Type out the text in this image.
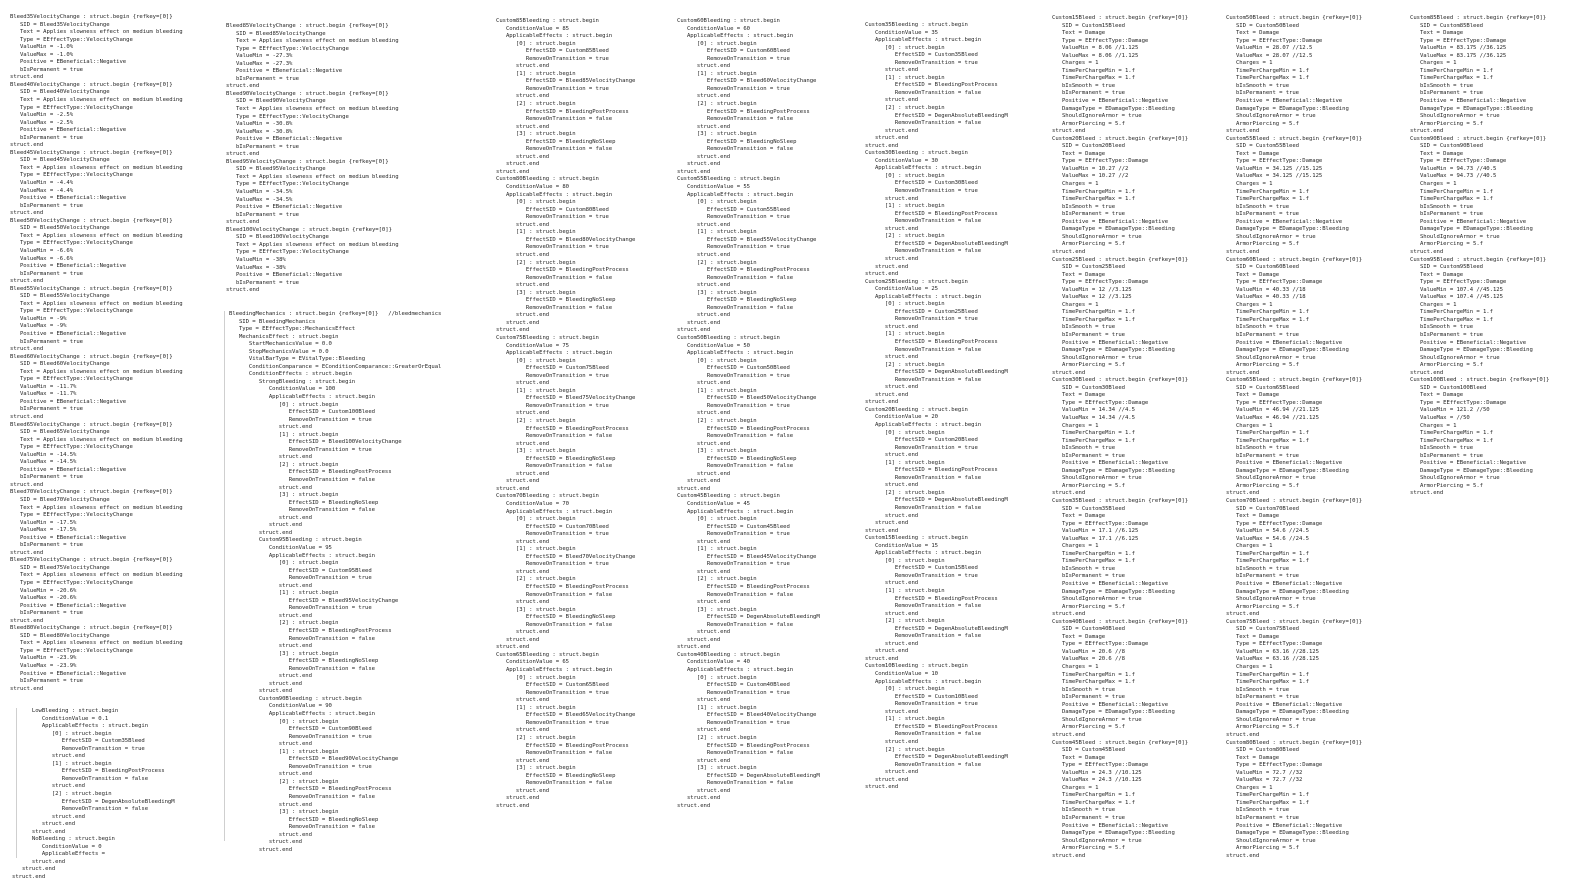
Bleed35VelocityChange : struct.begin {refkey=[0]}
SID = Bleed35VelocityChange
Text = Applies slowness effect on medium bleeding
Type = EEffectType::VelocityChange
ValueMin = -1.0%
ValueMax = -1.0%
Positive = EBeneficial::Negative
bIsPermanent = true
struct.end
Bleed40VelocityChange : struct.begin {refkey=[0]}
SID = Bleed40VelocityChange
Text = Applies slowness effect on medium bleeding
Type = EEffectType::VelocityChange
ValueMin = -2.5%
ValueMax = -2.5%
Positive = EBeneficial::Negative
bIsPermanent = true
struct.end
Bleed45VelocityChange : struct.begin {refkey=[0]}
SID = Bleed45VelocityChange
Text = Applies slowness effect on medium bleeding
Type = EEffectType::VelocityChange
ValueMin = -4.4%
ValueMax = -4.4%
Positive = EBeneficial::Negative
bIsPermanent = true
struct.end
Bleed50VelocityChange : struct.begin {refkey=[0]}
SID = Bleed50VelocityChange
Text = Applies slowness effect on medium bleeding
Type = EEffectType::VelocityChange
ValueMin = -6.6%
ValueMax = -6.6%
Positive = EBeneficial::Negative
bIsPermanent = true
struct.end
Bleed55VelocityChange : struct.begin {refkey=[0]}
SID = Bleed55VelocityChange
Text = Applies slowness effect on medium bleeding
Type = EEffectType::VelocityChange
ValueMin = -9%
ValueMax = -9%
Positive = EBeneficial::Negative
bIsPermanent = true
struct.end
Bleed60VelocityChange : struct.begin {refkey=[0]}
SID = Bleed60VelocityChange
Text = Applies slowness effect on medium bleeding
Type = EEffectType::VelocityChange
ValueMin = -11.7%
ValueMax = -11.7%
Positive = EBeneficial::Negative
bIsPermanent = true
struct.end
Bleed65VelocityChange : struct.begin {refkey=[0]}
SID = Bleed65VelocityChange
Text = Applies slowness effect on medium bleeding
Type = EEffectType::VelocityChange
ValueMin = -14.5%
ValueMax = -14.5%
Positive = EBeneficial::Negative
bIsPermanent = true
struct.end
Bleed70VelocityChange : struct.begin {refkey=[0]}
SID = Bleed70VelocityChange
Text = Applies slowness effect on medium bleeding
Type = EEffectType::VelocityChange
ValueMin = -17.5%
ValueMax = -17.5%
Positive = EBeneficial::Negative
bIsPermanent = true
struct.end
Bleed75VelocityChange : struct.begin {refkey=[0]}
SID = Bleed75VelocityChange
Text = Applies slowness effect on medium bleeding
Type = EEffectType::VelocityChange
ValueMin = -20.6%
ValueMax = -20.6%
Positive = EBeneficial::Negative
bIsPermanent = true
struct.end
Bleed80VelocityChange : struct.begin {refkey=[0]}
SID = Bleed80VelocityChange
Text = Applies slowness effect on medium bleeding
Type = EEffectType::VelocityChange
ValueMin = -23.9%
ValueMax = -23.9%
Positive = EBeneficial::Negative
bIsPermanent = true
struct.end
LowBleeding : struct.begin
ConditionValue = 0.1
ApplicableEffects : struct.begin
[0] : struct.begin
EffectSID = Custom35Bleed
RemoveOnTransition = true
struct.end
[1] : struct.begin
EffectSID = BleedingPostProcess
RemoveOnTransition = false
struct.end
[2] : struct.begin
EffectSID = DegenAbsoluteBleedingM
RemoveOnTransition = false
struct.end
struct.end
struct.end
NoBleeding : struct.begin
ConditionValue = 0
ApplicableEffects =
struct.end
struct.end
struct.end
Bleed85VelocityChange : struct.begin {refkey=[0]}
SID = Bleed85VelocityChange
Text = Applies slowness effect on medium bleeding
Type = EEffectType::VelocityChange
ValueMin = -27.3%
ValueMax = -27.3%
Positive = EBeneficial::Negative
bIsPermanent = true
struct.end
Bleed90VelocityChange : struct.begin {refkey=[0]}
SID = Bleed90VelocityChange
Text = Applies slowness effect on medium bleeding
Type = EEffectType::VelocityChange
ValueMin = -30.8%
ValueMax = -30.8%
Positive = EBeneficial::Negative
bIsPermanent = true
struct.end
Bleed95VelocityChange : struct.begin {refkey=[0]}
SID = Bleed95VelocityChange
Text = Applies slowness effect on medium bleeding
Type = EEffectType::VelocityChange
ValueMin = -34.5%
ValueMax = -34.5%
Positive = EBeneficial::Negative
bIsPermanent = true
struct.end
Bleed100VelocityChange : struct.begin {refkey=[0]}
SID = Bleed100VelocityChange
Text = Applies slowness effect on medium bleeding
Type = EEffectType::VelocityChange
ValueMin = -38%
ValueMax = -38%
Positive = EBeneficial::Negative
bIsPermanent = true
struct.end
BleedingMechanics : struct.begin {refkey=[0]}   //bleedmechanics
SID = BleedingMechanics
Type = EEffectType::MechanicsEffect
MechanicsEffect : struct.begin
StartMechanicsValue = 0.0
StopMechanicsValue = 0.0
VitalBarType = EVitalType::Bleeding
ConditionComparance = EConditionComparance::GreaterOrEqual
ConditionEffects : struct.begin
StrongBleeding : struct.begin
ConditionValue = 100
ApplicableEffects : struct.begin
[0] : struct.begin
EffectSID = Custom100Bleed
RemoveOnTransition = true
struct.end
[1] : struct.begin
EffectSID = Bleed100VelocityChange
RemoveOnTransition = true
struct.end
[2] : struct.begin
EffectSID = BleedingPostProcess
RemoveOnTransition = false
struct.end
[3] : struct.begin
EffectSID = BleedingNoSleep
RemoveOnTransition = false
struct.end
struct.end
struct.end
Custom95Bleeding : struct.begin
ConditionValue = 95
ApplicableEffects : struct.begin
[0] : struct.begin
EffectSID = Custom95Bleed
RemoveOnTransition = true
struct.end
[1] : struct.begin
EffectSID = Bleed95VelocityChange
RemoveOnTransition = true
struct.end
[2] : struct.begin
EffectSID = BleedingPostProcess
RemoveOnTransition = false
struct.end
[3] : struct.begin
EffectSID = BleedingNoSleep
RemoveOnTransition = false
struct.end
struct.end
struct.end
Custom90Bleeding : struct.begin
ConditionValue = 90
ApplicableEffects : struct.begin
[0] : struct.begin
EffectSID = Custom90Bleed
RemoveOnTransition = true
struct.end
[1] : struct.begin
EffectSID = Bleed90VelocityChange
RemoveOnTransition = true
struct.end
[2] : struct.begin
EffectSID = BleedingPostProcess
RemoveOnTransition = false
struct.end
[3] : struct.begin
EffectSID = BleedingNoSleep
RemoveOnTransition = false
struct.end
struct.end
struct.end
Custom85Bleeding : struct.begin
ConditionValue = 85
ApplicableEffects : struct.begin
[0] : struct.begin
EffectSID = Custom85Bleed
RemoveOnTransition = true
struct.end
[1] : struct.begin
EffectSID = Bleed85VelocityChange
RemoveOnTransition = true
struct.end
[2] : struct.begin
EffectSID = BleedingPostProcess
RemoveOnTransition = false
struct.end
[3] : struct.begin
EffectSID = BleedingNoSleep
RemoveOnTransition = false
struct.end
struct.end
struct.end
Custom80Bleeding : struct.begin
ConditionValue = 80
ApplicableEffects : struct.begin
[0] : struct.begin
EffectSID = Custom80Bleed
RemoveOnTransition = true
struct.end
[1] : struct.begin
EffectSID = Bleed80VelocityChange
RemoveOnTransition = true
struct.end
[2] : struct.begin
EffectSID = BleedingPostProcess
RemoveOnTransition = false
struct.end
[3] : struct.begin
EffectSID = BleedingNoSleep
RemoveOnTransition = false
struct.end
struct.end
struct.end
Custom75Bleeding : struct.begin
ConditionValue = 75
ApplicableEffects : struct.begin
[0] : struct.begin
EffectSID = Custom75Bleed
RemoveOnTransition = true
struct.end
[1] : struct.begin
EffectSID = Bleed75VelocityChange
RemoveOnTransition = true
struct.end
[2] : struct.begin
EffectSID = BleedingPostProcess
RemoveOnTransition = false
struct.end
[3] : struct.begin
EffectSID = BleedingNoSleep
RemoveOnTransition = false
struct.end
struct.end
struct.end
Custom70Bleeding : struct.begin
ConditionValue = 70
ApplicableEffects : struct.begin
[0] : struct.begin
EffectSID = Custom70Bleed
RemoveOnTransition = true
struct.end
[1] : struct.begin
EffectSID = Bleed70VelocityChange
RemoveOnTransition = true
struct.end
[2] : struct.begin
EffectSID = BleedingPostProcess
RemoveOnTransition = false
struct.end
[3] : struct.begin
EffectSID = BleedingNoSleep
RemoveOnTransition = false
struct.end
struct.end
struct.end
Custom65Bleeding : struct.begin
ConditionValue = 65
ApplicableEffects : struct.begin
[0] : struct.begin
EffectSID = Custom65Bleed
RemoveOnTransition = true
struct.end
[1] : struct.begin
EffectSID = Bleed65VelocityChange
RemoveOnTransition = true
struct.end
[2] : struct.begin
EffectSID = BleedingPostProcess
RemoveOnTransition = false
struct.end
[3] : struct.begin
EffectSID = BleedingNoSleep
RemoveOnTransition = false
struct.end
struct.end
struct.end
Custom60Bleeding : struct.begin
ConditionValue = 60
ApplicableEffects : struct.begin
[0] : struct.begin
EffectSID = Custom60Bleed
RemoveOnTransition = true
struct.end
[1] : struct.begin
EffectSID = Bleed60VelocityChange
RemoveOnTransition = true
struct.end
[2] : struct.begin
EffectSID = BleedingPostProcess
RemoveOnTransition = false
struct.end
[3] : struct.begin
EffectSID = BleedingNoSleep
RemoveOnTransition = false
struct.end
struct.end
struct.end
Custom55Bleeding : struct.begin
ConditionValue = 55
ApplicableEffects : struct.begin
[0] : struct.begin
EffectSID = Custom55Bleed
RemoveOnTransition = true
struct.end
[1] : struct.begin
EffectSID = Bleed55VelocityChange
RemoveOnTransition = true
struct.end
[2] : struct.begin
EffectSID = BleedingPostProcess
RemoveOnTransition = false
struct.end
[3] : struct.begin
EffectSID = BleedingNoSleep
RemoveOnTransition = false
struct.end
struct.end
struct.end
Custom50Bleeding : struct.begin
ConditionValue = 50
ApplicableEffects : struct.begin
[0] : struct.begin
EffectSID = Custom50Bleed
RemoveOnTransition = true
struct.end
[1] : struct.begin
EffectSID = Bleed50VelocityChange
RemoveOnTransition = true
struct.end
[2] : struct.begin
EffectSID = BleedingPostProcess
RemoveOnTransition = false
struct.end
[3] : struct.begin
EffectSID = BleedingNoSleep
RemoveOnTransition = false
struct.end
struct.end
struct.end
Custom45Bleeding : struct.begin
ConditionValue = 45
ApplicableEffects : struct.begin
[0] : struct.begin
EffectSID = Custom45Bleed
RemoveOnTransition = true
struct.end
[1] : struct.begin
EffectSID = Bleed45VelocityChange
RemoveOnTransition = true
struct.end
[2] : struct.begin
EffectSID = BleedingPostProcess
RemoveOnTransition = false
struct.end
[3] : struct.begin
EffectSID = DegenAbsoluteBleedingM
RemoveOnTransition = false
struct.end
struct.end
struct.end
Custom40Bleeding : struct.begin
ConditionValue = 40
ApplicableEffects : struct.begin
[0] : struct.begin
EffectSID = Custom40Bleed
RemoveOnTransition = true
struct.end
[1] : struct.begin
EffectSID = Bleed40VelocityChange
RemoveOnTransition = true
struct.end
[2] : struct.begin
EffectSID = BleedingPostProcess
RemoveOnTransition = false
struct.end
[3] : struct.begin
EffectSID = DegenAbsoluteBleedingM
RemoveOnTransition = false
struct.end
struct.end
struct.end
Custom35Bleeding : struct.begin
ConditionValue = 35
ApplicableEffects : struct.begin
[0] : struct.begin
EffectSID = Custom35Bleed
RemoveOnTransition = true
struct.end
[1] : struct.begin
EffectSID = BleedingPostProcess
RemoveOnTransition = false
struct.end
[2] : struct.begin
EffectSID = DegenAbsoluteBleedingM
RemoveOnTransition = false
struct.end
struct.end
struct.end
Custom30Bleeding : struct.begin
ConditionValue = 30
ApplicableEffects : struct.begin
[0] : struct.begin
EffectSID = Custom30Bleed
RemoveOnTransition = true
struct.end
[1] : struct.begin
EffectSID = BleedingPostProcess
RemoveOnTransition = false
struct.end
[2] : struct.begin
EffectSID = DegenAbsoluteBleedingM
RemoveOnTransition = false
struct.end
struct.end
struct.end
Custom25Bleeding : struct.begin
ConditionValue = 25
ApplicableEffects : struct.begin
[0] : struct.begin
EffectSID = Custom25Bleed
RemoveOnTransition = true
struct.end
[1] : struct.begin
EffectSID = BleedingPostProcess
RemoveOnTransition = false
struct.end
[2] : struct.begin
EffectSID = DegenAbsoluteBleedingM
RemoveOnTransition = false
struct.end
struct.end
struct.end
Custom20Bleeding : struct.begin
ConditionValue = 20
ApplicableEffects : struct.begin
[0] : struct.begin
EffectSID = Custom20Bleed
RemoveOnTransition = true
struct.end
[1] : struct.begin
EffectSID = BleedingPostProcess
RemoveOnTransition = false
struct.end
[2] : struct.begin
EffectSID = DegenAbsoluteBleedingM
RemoveOnTransition = false
struct.end
struct.end
struct.end
Custom15Bleeding : struct.begin
ConditionValue = 15
ApplicableEffects : struct.begin
[0] : struct.begin
EffectSID = Custom15Bleed
RemoveOnTransition = true
struct.end
[1] : struct.begin
EffectSID = BleedingPostProcess
RemoveOnTransition = false
struct.end
[2] : struct.begin
EffectSID = DegenAbsoluteBleedingM
RemoveOnTransition = false
struct.end
struct.end
struct.end
Custom10Bleeding : struct.begin
ConditionValue = 10
ApplicableEffects : struct.begin
[0] : struct.begin
EffectSID = Custom10Bleed
RemoveOnTransition = true
struct.end
[1] : struct.begin
EffectSID = BleedingPostProcess
RemoveOnTransition = false
struct.end
[2] : struct.begin
EffectSID = DegenAbsoluteBleedingM
RemoveOnTransition = false
struct.end
struct.end
struct.end
Custom15Bleed : struct.begin {refkey=[0]}
SID = Custom15Bleed
Text = Damage
Type = EEffectType::Damage
ValueMin = 8.06 //1.125
ValueMax = 8.06 //1.125
Charges = 1
TimePerChargeMin = 1.f
TimePerChargeMax = 1.f
bIsSmooth = true
bIsPermanent = true
Positive = EBeneficial::Negative
DamageType = EDamageType::Bleeding
ShouldIgnoreArmor = true
ArmorPiercing = 5.f
struct.end
Custom20Bleed : struct.begin {refkey=[0]}
SID = Custom20Bleed
Text = Damage
Type = EEffectType::Damage
ValueMin = 10.27 //2
ValueMax = 10.27 //2
Charges = 1
TimePerChargeMin = 1.f
TimePerChargeMax = 1.f
bIsSmooth = true
bIsPermanent = true
Positive = EBeneficial::Negative
DamageType = EDamageType::Bleeding
ShouldIgnoreArmor = true
ArmorPiercing = 5.f
struct.end
Custom25Bleed : struct.begin {refkey=[0]}
SID = Custom25Bleed
Text = Damage
Type = EEffectType::Damage
ValueMin = 12 //3.125
ValueMax = 12 //3.125
Charges = 1
TimePerChargeMin = 1.f
TimePerChargeMax = 1.f
bIsSmooth = true
bIsPermanent = true
Positive = EBeneficial::Negative
DamageType = EDamageType::Bleeding
ShouldIgnoreArmor = true
ArmorPiercing = 5.f
struct.end
Custom30Bleed : struct.begin {refkey=[0]}
SID = Custom30Bleed
Text = Damage
Type = EEffectType::Damage
ValueMin = 14.34 //4.5
ValueMax = 14.34 //4.5
Charges = 1
TimePerChargeMin = 1.f
TimePerChargeMax = 1.f
bIsSmooth = true
bIsPermanent = true
Positive = EBeneficial::Negative
DamageType = EDamageType::Bleeding
ShouldIgnoreArmor = true
ArmorPiercing = 5.f
struct.end
Custom35Bleed : struct.begin {refkey=[0]}
SID = Custom35Bleed
Text = Damage
Type = EEffectType::Damage
ValueMin = 17.1 //6.125
ValueMax = 17.1 //6.125
Charges = 1
TimePerChargeMin = 1.f
TimePerChargeMax = 1.f
bIsSmooth = true
bIsPermanent = true
Positive = EBeneficial::Negative
DamageType = EDamageType::Bleeding
ShouldIgnoreArmor = true
ArmorPiercing = 5.f
struct.end
Custom40Bleed : struct.begin {refkey=[0]}
SID = Custom40Bleed
Text = Damage
Type = EEffectType::Damage
ValueMin = 20.6 //8
ValueMax = 20.6 //8
Charges = 1
TimePerChargeMin = 1.f
TimePerChargeMax = 1.f
bIsSmooth = true
bIsPermanent = true
Positive = EBeneficial::Negative
DamageType = EDamageType::Bleeding
ShouldIgnoreArmor = true
ArmorPiercing = 5.f
struct.end
Custom45Bleed : struct.begin {refkey=[0]}
SID = Custom45Bleed
Text = Damage
Type = EEffectType::Damage
ValueMin = 24.3 //10.125
ValueMax = 24.3 //10.125
Charges = 1
TimePerChargeMin = 1.f
TimePerChargeMax = 1.f
bIsSmooth = true
bIsPermanent = true
Positive = EBeneficial::Negative
DamageType = EDamageType::Bleeding
ShouldIgnoreArmor = true
ArmorPiercing = 5.f
struct.end
Custom50Bleed : struct.begin {refkey=[0]}
SID = Custom50Bleed
Text = Damage
Type = EEffectType::Damage
ValueMin = 28.07 //12.5
ValueMax = 28.07 //12.5
Charges = 1
TimePerChargeMin = 1.f
TimePerChargeMax = 1.f
bIsSmooth = true
bIsPermanent = true
Positive = EBeneficial::Negative
DamageType = EDamageType::Bleeding
ShouldIgnoreArmor = true
ArmorPiercing = 5.f
struct.end
Custom55Bleed : struct.begin {refkey=[0]}
SID = Custom55Bleed
Text = Damage
Type = EEffectType::Damage
ValueMin = 34.125 //15.125
ValueMax = 34.125 //15.125
Charges = 1
TimePerChargeMin = 1.f
TimePerChargeMax = 1.f
bIsSmooth = true
bIsPermanent = true
Positive = EBeneficial::Negative
DamageType = EDamageType::Bleeding
ShouldIgnoreArmor = true
ArmorPiercing = 5.f
struct.end
Custom60Bleed : struct.begin {refkey=[0]}
SID = Custom60Bleed
Text = Damage
Type = EEffectType::Damage
ValueMin = 40.33 //18
ValueMax = 40.33 //18
Charges = 1
TimePerChargeMin = 1.f
TimePerChargeMax = 1.f
bIsSmooth = true
bIsPermanent = true
Positive = EBeneficial::Negative
DamageType = EDamageType::Bleeding
ShouldIgnoreArmor = true
ArmorPiercing = 5.f
struct.end
Custom65Bleed : struct.begin {refkey=[0]}
SID = Custom65Bleed
Text = Damage
Type = EEffectType::Damage
ValueMin = 46.94 //21.125
ValueMax = 46.94 //21.125
Charges = 1
TimePerChargeMin = 1.f
TimePerChargeMax = 1.f
bIsSmooth = true
bIsPermanent = true
Positive = EBeneficial::Negative
DamageType = EDamageType::Bleeding
ShouldIgnoreArmor = true
ArmorPiercing = 5.f
struct.end
Custom70Bleed : struct.begin {refkey=[0]}
SID = Custom70Bleed
Text = Damage
Type = EEffectType::Damage
ValueMin = 54.6 //24.5
ValueMax = 54.6 //24.5
Charges = 1
TimePerChargeMin = 1.f
TimePerChargeMax = 1.f
bIsSmooth = true
bIsPermanent = true
Positive = EBeneficial::Negative
DamageType = EDamageType::Bleeding
ShouldIgnoreArmor = true
ArmorPiercing = 5.f
struct.end
Custom75Bleed : struct.begin {refkey=[0]}
SID = Custom75Bleed
Text = Damage
Type = EEffectType::Damage
ValueMin = 63.16 //28.125
ValueMax = 63.16 //28.125
Charges = 1
TimePerChargeMin = 1.f
TimePerChargeMax = 1.f
bIsSmooth = true
bIsPermanent = true
Positive = EBeneficial::Negative
DamageType = EDamageType::Bleeding
ShouldIgnoreArmor = true
ArmorPiercing = 5.f
struct.end
Custom80Bleed : struct.begin {refkey=[0]}
SID = Custom80Bleed
Text = Damage
Type = EEffectType::Damage
ValueMin = 72.7 //32
ValueMax = 72.7 //32
Charges = 1
TimePerChargeMin = 1.f
TimePerChargeMax = 1.f
bIsSmooth = true
bIsPermanent = true
Positive = EBeneficial::Negative
DamageType = EDamageType::Bleeding
ShouldIgnoreArmor = true
ArmorPiercing = 5.f
struct.end
Custom85Bleed : struct.begin {refkey=[0]}
SID = Custom85Bleed
Text = Damage
Type = EEffectType::Damage
ValueMin = 83.175 //36.125
ValueMax = 83.175 //36.125
Charges = 1
TimePerChargeMin = 1.f
TimePerChargeMax = 1.f
bIsSmooth = true
bIsPermanent = true
Positive = EBeneficial::Negative
DamageType = EDamageType::Bleeding
ShouldIgnoreArmor = true
ArmorPiercing = 5.f
struct.end
Custom90Bleed : struct.begin {refkey=[0]}
SID = Custom90Bleed
Text = Damage
Type = EEffectType::Damage
ValueMin = 94.73 //40.5
ValueMax = 94.73 //40.5
Charges = 1
TimePerChargeMin = 1.f
TimePerChargeMax = 1.f
bIsSmooth = true
bIsPermanent = true
Positive = EBeneficial::Negative
DamageType = EDamageType::Bleeding
ShouldIgnoreArmor = true
ArmorPiercing = 5.f
struct.end
Custom95Bleed : struct.begin {refkey=[0]}
SID = Custom95Bleed
Text = Damage
Type = EEffectType::Damage
ValueMin = 107.4 //45.125
ValueMax = 107.4 //45.125
Charges = 1
TimePerChargeMin = 1.f
TimePerChargeMax = 1.f
bIsSmooth = true
bIsPermanent = true
Positive = EBeneficial::Negative
DamageType = EDamageType::Bleeding
ShouldIgnoreArmor = true
ArmorPiercing = 5.f
struct.end
Custom100Bleed : struct.begin {refkey=[0]}
SID = Custom100Bleed
Text = Damage
Type = EEffectType::Damage
ValueMin = 121.2 //50
ValueMax = //50
Charges = 1
TimePerChargeMin = 1.f
TimePerChargeMax = 1.f
bIsSmooth = true
bIsPermanent = true
Positive = EBeneficial::Negative
DamageType = EDamageType::Bleeding
ShouldIgnoreArmor = true
ArmorPiercing = 5.f
struct.end
